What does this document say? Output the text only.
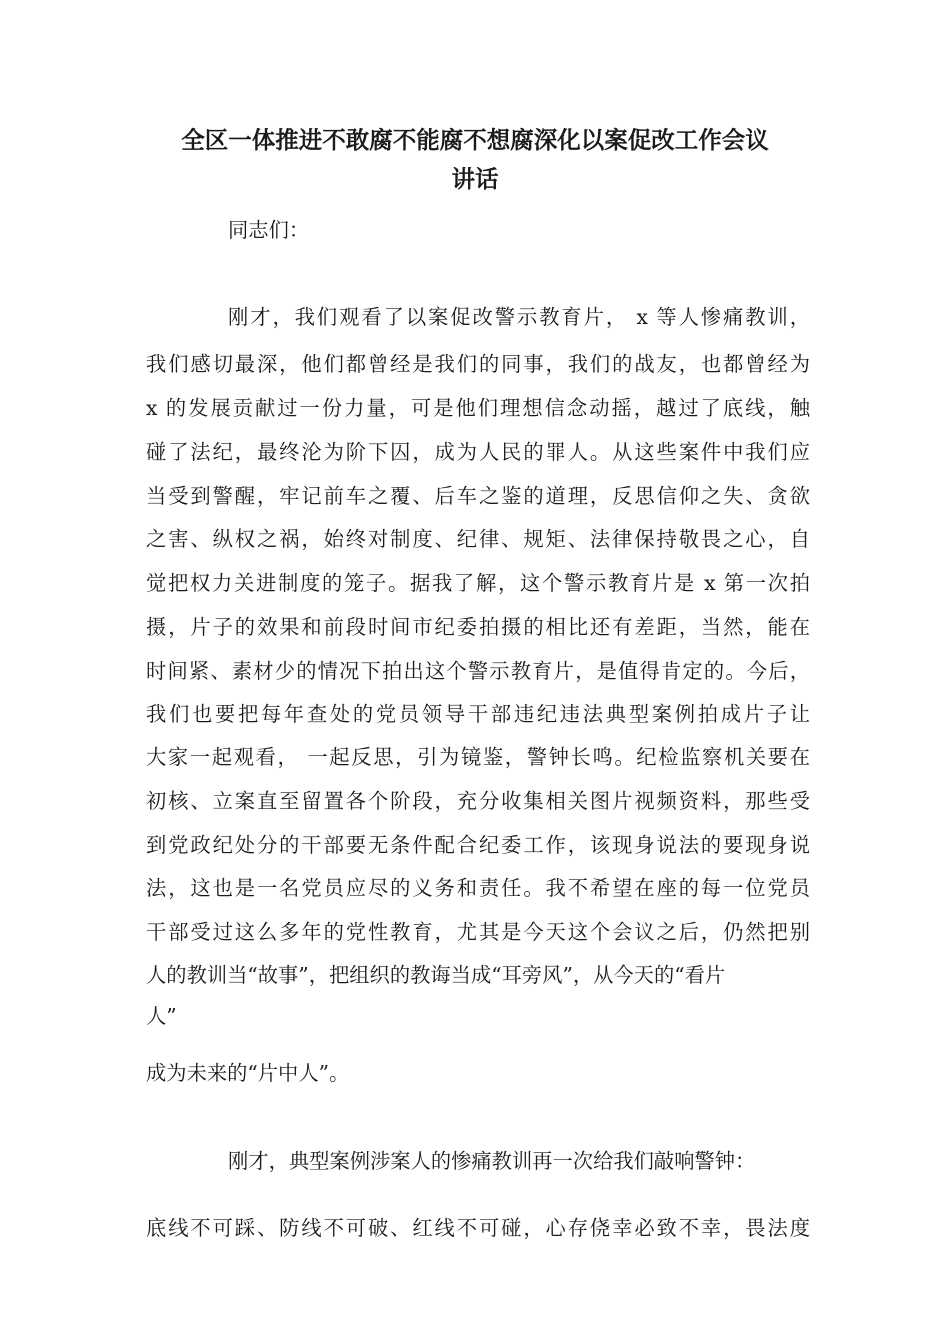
全区一体推进不敢腐不能腐不想腐深化以案促改工作会议
讲话
同志们：
刚才，我们观看了以案促改警示教育片， x 等人惨痛教训，
我们感切最深，他们都曾经是我们的同事，我们的战友，也都曾经为
x 的发展贡献过一份力量，可是他们理想信念动摇，越过了底线，触
碰了法纪，最终沦为阶下囚，成为人民的罪人。从这些案件中我们应
当受到警醒，牢记前车之覆、后车之鉴的道理，反思信仰之失、贪欲
之害、纵权之祸，始终对制度、纪律、规矩、法律保持敬畏之心，自
觉把权力关进制度的笼子。据我了解，这个警示教育片是 x 第一次拍
摄，片子的效果和前段时间市纪委拍摄的相比还有差距，当然，能在
时间紧、素材少的情况下拍出这个警示教育片，是值得肯定的。今后，
我们也要把每年查处的党员领导干部违纪违法典型案例拍成片子让
大家一起观看， 一起反思，引为镜鉴，警钟长鸣。纪检监察机关要在
初核、立案直至留置各个阶段，充分收集相关图片视频资料，那些受
到党政纪处分的干部要无条件配合纪委工作，该现身说法的要现身说
法，这也是一名党员应尽的义务和责任。我不希望在座的每一位党员
干部受过这么多年的党性教育，尤其是今天这个会议之后，仍然把别
人的教训当“故事”，把组织的教诲当成“耳旁风”，从今天的“看片
人”
成为未来的“片中人”。
刚才，典型案例涉案人的惨痛教训再一次给我们敲响警钟：
底线不可踩、防线不可破、红线不可碰，心存侥幸必致不幸，畏法度
